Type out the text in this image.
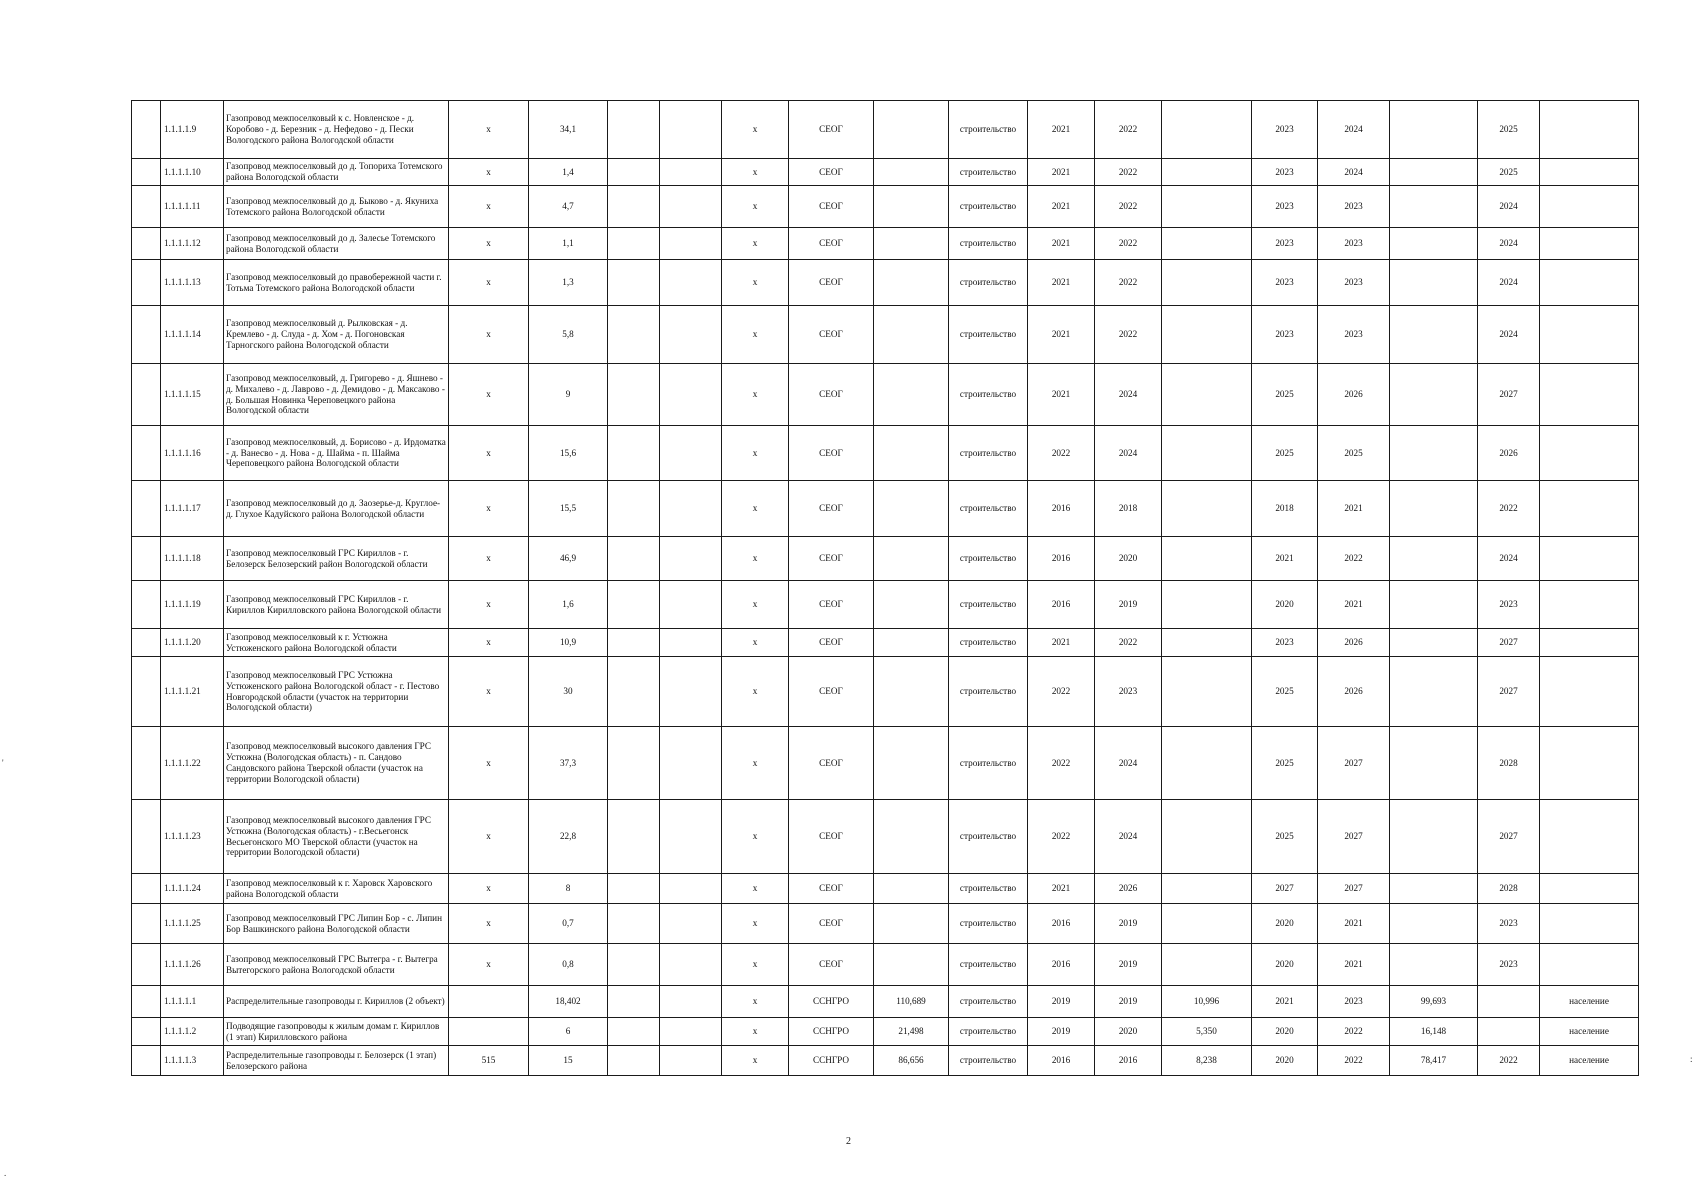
	1.1.1.1.9	Газопровод межпоселковый к с. Новленское - д. Коробово - д. Березник - д. Нефедово - д. Пески Вологодского района Вологодской области	х	34,1			х	СЕОГ		строительство	2021	2022		2023	2024		2025	
	1.1.1.1.10	Газопровод межпоселковый до д. Топориха Тотемского района Вологодской области	х	1,4			х	СЕОГ		строительство	2021	2022		2023	2024		2025	
	1.1.1.1.11	Газопровод межпоселковый до д. Быково - д. Якуниха Тотемского района Вологодской области	х	4,7			х	СЕОГ		строительство	2021	2022		2023	2023		2024	
	1.1.1.1.12	Газопровод межпоселковый до д. Залесье Тотемского района Вологодской области	х	1,1			х	СЕОГ		строительство	2021	2022		2023	2023		2024	
	1.1.1.1.13	Газопровод межпоселковый до правобережной части г. Тотьма Тотемского района Вологодской области	х	1,3			х	СЕОГ		строительство	2021	2022		2023	2023		2024	
	1.1.1.1.14	Газопровод межпоселковый д. Рылковская - д. Кремлево - д. Слуда - д. Хом - д. Погоновская Тарногского района Вологодской области	х	5,8			х	СЕОГ		строительство	2021	2022		2023	2023		2024	
	1.1.1.1.15	Газопровод межпоселковый, д. Григорево - д. Яшнево - д. Михалево - д. Лаврово - д. Демидово - д. Максаково - д. Большая Новинка Череповецкого района Вологодской области	х	9			х	СЕОГ		строительство	2021	2024		2025	2026		2027	
	1.1.1.1.16	Газопровод межпоселковый, д. Борисово - д. Ирдоматка - д. Ванесво - д. Нова - д. Шайма - п. Шайма Череповецкого района Вологодской области	х	15,6			х	СЕОГ		строительство	2022	2024		2025	2025		2026	
	1.1.1.1.17	Газопровод межпоселковый до д. Заозерье-д. Круглое-д. Глухое Кадуйского района Вологодской области	х	15,5			х	СЕОГ		строительство	2016	2018		2018	2021		2022	
	1.1.1.1.18	Газопровод межпоселковый ГРС Кириллов - г. Белозерск Белозерский район Вологодской области	х	46,9			х	СЕОГ		строительство	2016	2020		2021	2022		2024	
	1.1.1.1.19	Газопровод межпоселковый ГРС Кириллов - г. Кириллов Кирилловского района Вологодской области	х	1,6			х	СЕОГ		строительство	2016	2019		2020	2021		2023	
	1.1.1.1.20	Газопровод межпоселковый к г. Устюжна Устюженского района Вологодской области	х	10,9			х	СЕОГ		строительство	2021	2022		2023	2026		2027	
	1.1.1.1.21	Газопровод межпоселковый ГРС Устюжна Устюженского района Вологодской област - г. Пестово Новгородской области (участок на территории Вологодской области)	х	30			х	СЕОГ		строительство	2022	2023		2025	2026		2027	
	1.1.1.1.22	Газопровод межпоселковый высокого давления ГРС Устюжна (Вологодская область) - п. Сандово Сандовского района Тверской области (участок на территории Вологодской области)	х	37,3			х	СЕОГ		строительство	2022	2024		2025	2027		2028	
	1.1.1.1.23	Газопровод межпоселковый высокого давления ГРС Устюжна (Вологодская область) - г.Весьегонск Весьегонского МО Тверской области (участок на территории Вологодской области)	х	22,8			х	СЕОГ		строительство	2022	2024		2025	2027		2027	
	1.1.1.1.24	Газопровод межпоселковый к г. Харовск Харовского района Вологодской области	х	8			х	СЕОГ		строительство	2021	2026		2027	2027		2028	
	1.1.1.1.25	Газопровод межпоселковый ГРС Липин Бор - с. Липин Бор Вашкинского района Вологодской области	х	0,7			х	СЕОГ		строительство	2016	2019		2020	2021		2023	
	1.1.1.1.26	Газопровод межпоселковый ГРС Вытегра - г. Вытегра Вытегорского района Вологодской области	х	0,8			х	СЕОГ		строительство	2016	2019		2020	2021		2023	
	1.1.1.1.1	Распределительные газопроводы г. Кириллов (2 объект)		18,402			х	ССНГРО	110,689	строительство	2019	2019	10,996	2021	2023	99,693		население
	1.1.1.1.2	Подводящие газопроводы к жилым домам г. Кириллов (1 этап) Кирилловского района		6			х	ССНГРО	21,498	строительство	2019	2020	5,350	2020	2022	16,148		население
	1.1.1.1.3	Распределительные газопроводы г. Белозерск (1 этап) Белозерского района	515	15			х	ССНГРО	86,656	строительство	2016	2016	8,238	2020	2022	78,417	2022	население
2
'
.
:
